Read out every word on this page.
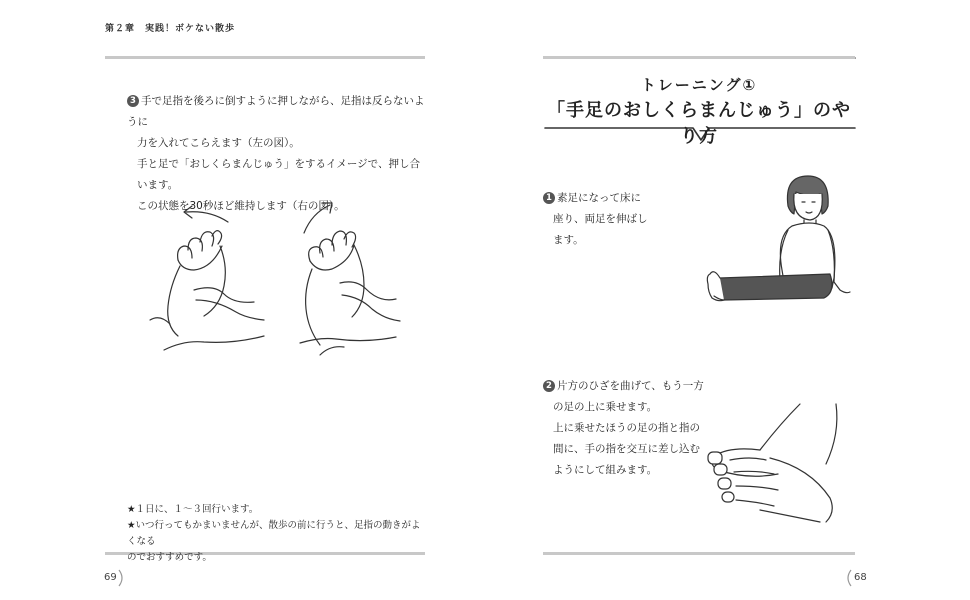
第２章　 実践！ボケない散歩
3 手で足指を後ろに倒すように押しながら、足指は反らないように
力を入れてこらえます（左の図）。
手と足で「おしくらまんじゅう」をするイメージで、押し合います。
この状態を30秒ほど維持します（右の図）。
★１日に、１〜３回行います。
★いつ行ってもかまいませんが、散歩の前に行うと、足指の動きがよくなる
のでおすすめです。
69
トレーニング①
「手足のおしくらまんじゅう」のやり方
1 素足になって床に
座り、両足を伸ばし
ます。
2 片方のひざを曲げて、もう一方
の足の上に乗せます。
上に乗せたほうの足の指と指の
間に、手の指を交互に差し込む
ようにして組みます。
68
